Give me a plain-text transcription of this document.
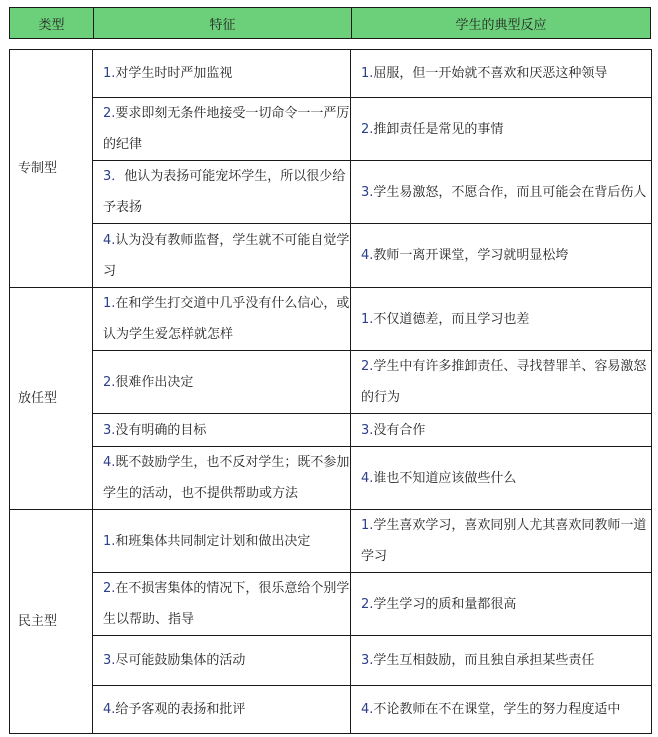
类型	特征	学生的典型反应
专制型	1.对学生时时严加监视	1.屈服，但一开始就不喜欢和厌恶这种领导
	2.要求即刻无条件地接受一切命令一一严厉的纪律	2.推卸责任是常见的事情
	3．他认为表扬可能宠坏学生，所以很少给予表扬	3.学生易激怒，不愿合作，而且可能会在背后伤人
	4.认为没有教师监督，学生就不可能自觉学习	4.教师一离开课堂，学习就明显松垮
放任型	1.在和学生打交道中几乎没有什么信心，或认为学生爱怎样就怎样	1.不仅道德差，而且学习也差
	2.很难作出决定	2.学生中有许多推卸责任、寻找替罪羊、容易激怒的行为
	3.没有明确的目标	3.没有合作
	4.既不鼓励学生，也不反对学生；既不参加学生的活动，也不提供帮助或方法	4.谁也不知道应该做些什么
民主型	1.和班集体共同制定计划和做出决定	1.学生喜欢学习，喜欢同别人尤其喜欢同教师一道学习
	2.在不损害集体的情况下，很乐意给个别学生以帮助、指导	2.学生学习的质和量都很高
	3.尽可能鼓励集体的活动	3.学生互相鼓励，而且独自承担某些责任
	4.给予客观的表扬和批评	4.不论教师在不在课堂，学生的努力程度适中
